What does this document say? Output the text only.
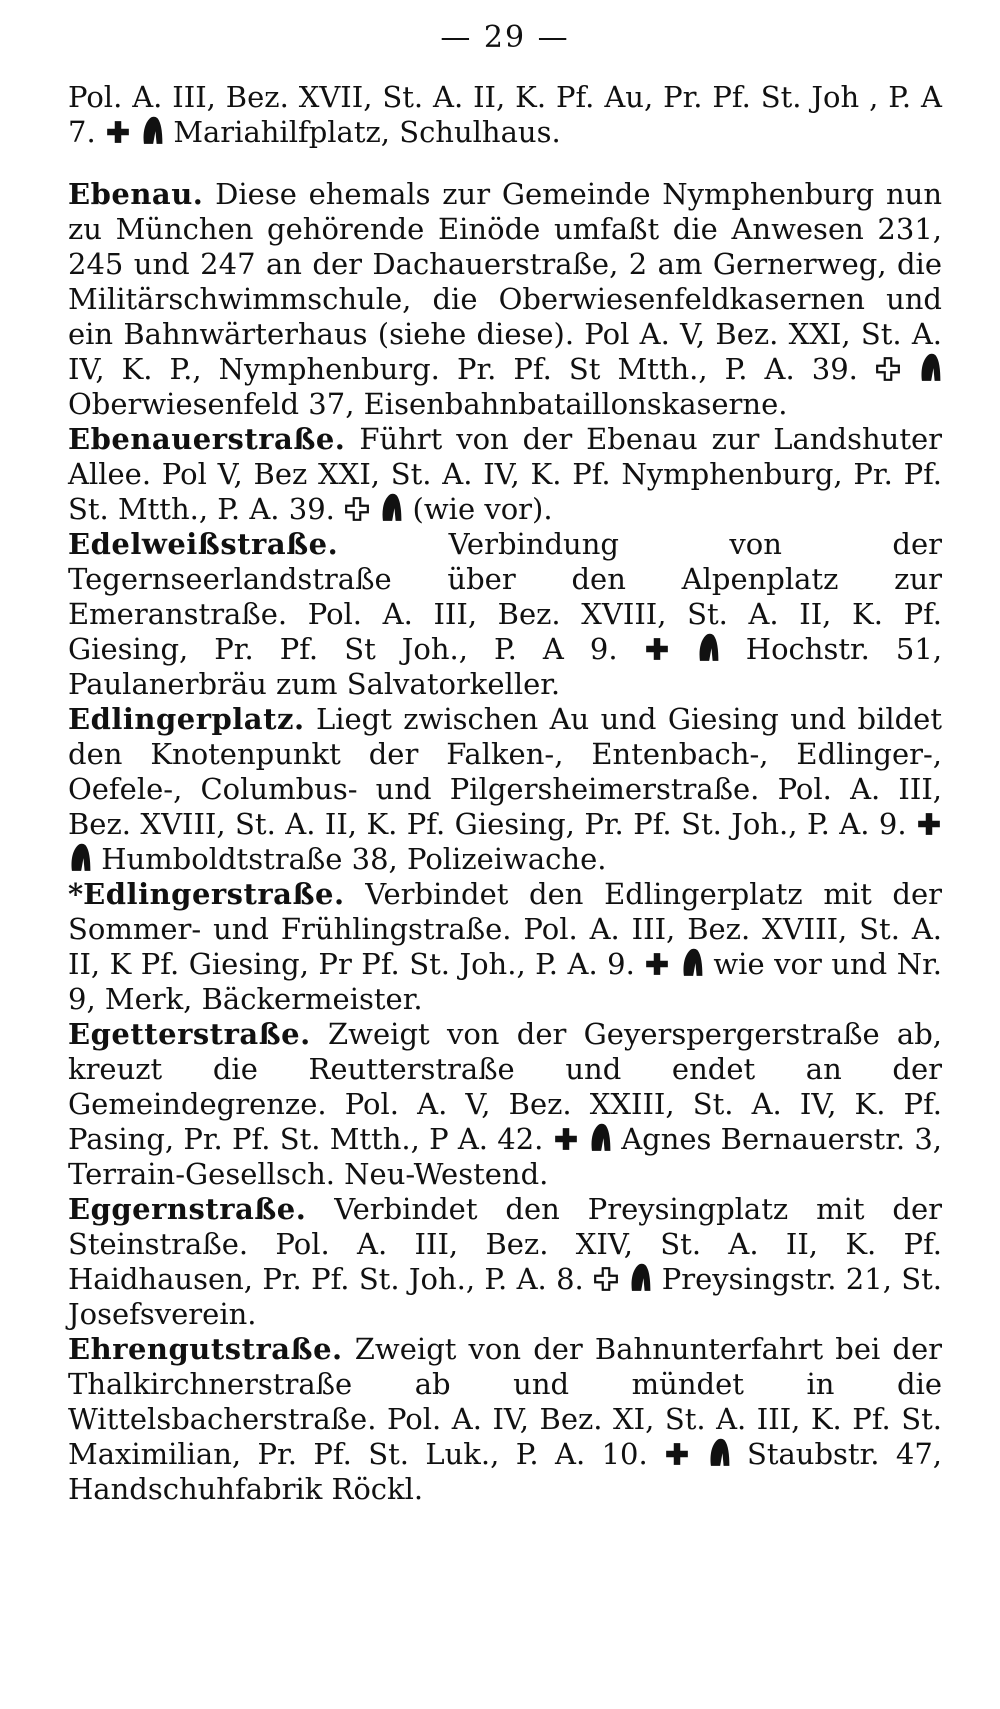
— 29 —

Pol. A. III, Bez. XVII, St. A. II, K. Pf. Au, Pr. Pf. St. Joh , P. A 7.
	Mariahilfplatz, Schulhaus.

Ebenau. Diese ehemals zur Gemeinde Nymphenburg nun zu München gehörende Einöde umfaßt die Anwesen 231, 245 und 247 an der Dachauerstraße, 2 am Gernerweg, die Militärschwimmschule, die Oberwiesenfeldkasernen und ein Bahnwärterhaus (siehe diese). Pol A. V, Bez. XXI, St. A. IV, K. P., Nymphenburg. Pr. Pf. St Mtth., P. A. 39.

Oberwiesenfeld 37, Eisenbahnbataillonskaserne.

Ebenauerstraße. Führt von der Ebenau zur Landshuter Allee. Pol V, Bez XXI, St. A. IV, K. Pf. Nymphenburg, Pr. Pf. St. Mtth., P. A. 39.
	(wie vor).

Edelweißstraße.	Verbindung von der Tegernseerlandstraße über den Alpenplatz zur Emeranstraße. Pol. A. III, Bez. XVIII, St. A. II, K. Pf. Giesing, Pr. Pf. St Joh., P. A 9.
	Hochstr. 51, Paulanerbräu zum Salvatorkeller.

Edlingerplatz. Liegt zwischen Au und Giesing und bildet den Knotenpunkt der Falken-, Entenbach-, Edlinger-, Oefele-, Columbus- und Pilgersheimerstraße. Pol. A. III, Bez. XVIII, St. A. II, K. Pf. Giesing, Pr. Pf. St. Joh., P. A. 9.

Humboldtstraße 38, Polizeiwache.

*Edlingerstraße. Verbindet den Edlingerplatz mit der Sommer- und Frühlingstraße. Pol. A. III, Bez. XVIII, St. A. II, K Pf. Giesing, Pr Pf. St. Joh., P. A. 9.
	wie vor und Nr. 9, Merk, Bäckermeister.

Egetterstraße. Zweigt von der Geyerspergerstraße ab, kreuzt die Reutterstraße und endet an der Gemeindegrenze. Pol. A. V, Bez. XXIII, St. A. IV, K. Pf. Pasing, Pr. Pf. St. Mtth., P A. 42.
	Agnes Bernauerstr. 3, Terrain-Gesellsch. Neu-Westend.

Eggernstraße. Verbindet den Preysingplatz mit der Steinstraße. Pol. A. III, Bez. XIV, St. A. II, K. Pf. Haidhausen, Pr. Pf. St. Joh., P. A. 8.
	Preysingstr. 21, St. Josefsverein.

Ehrengutstraße. Zweigt von der Bahnunterfahrt bei der Thalkirchnerstraße ab und mündet in die Wittelsbacherstraße. Pol. A. IV, Bez. XI, St. A. III, K. Pf. St. Maximilian, Pr. Pf. St. Luk., P. A. 10.
	Staubstr. 47, Handschuhfabrik Röckl.
